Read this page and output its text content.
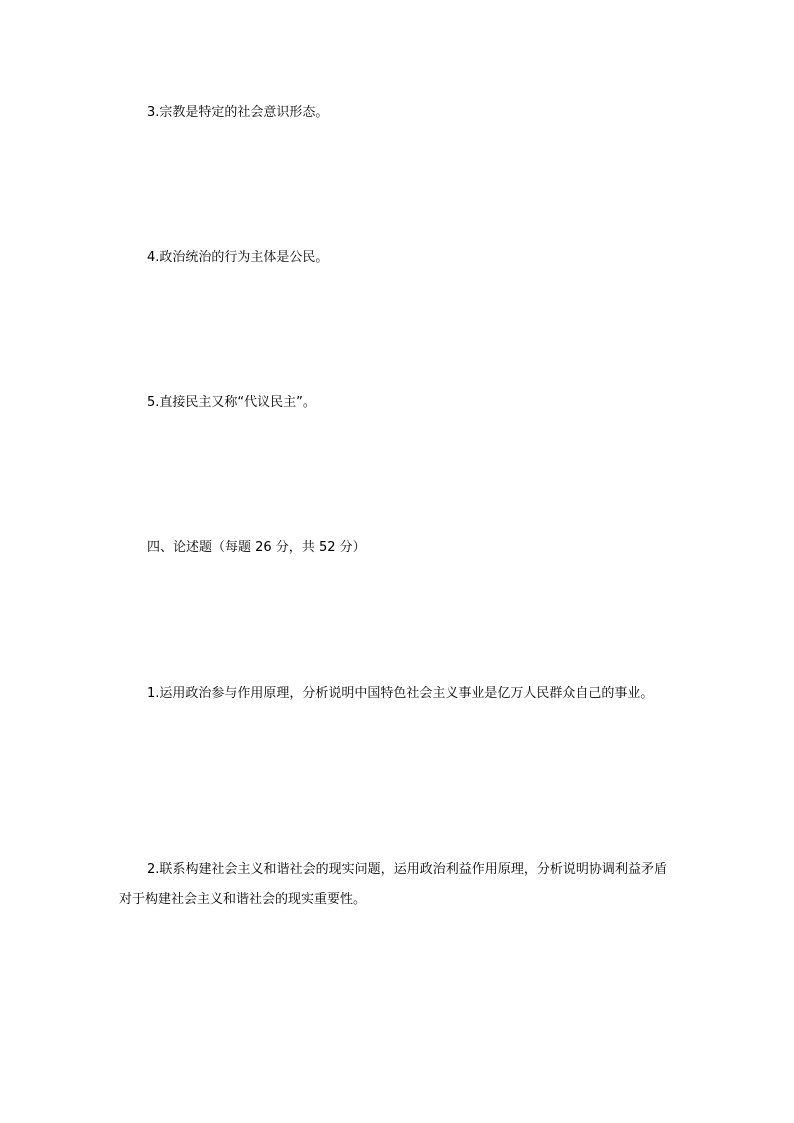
3.宗教是特定的社会意识形态。
4.政治统治的行为主体是公民。
5.直接民主又称“代议民主”。
四、论述题（每题 26 分，共 52 分）
1.运用政治参与作用原理，分析说明中国特色社会主义事业是亿万人民群众自己的事业。
2.联系构建社会主义和谐社会的现实问题，运用政治利益作用原理，分析说明协调利益矛盾对于构建社会主义和谐社会的现实重要性。
